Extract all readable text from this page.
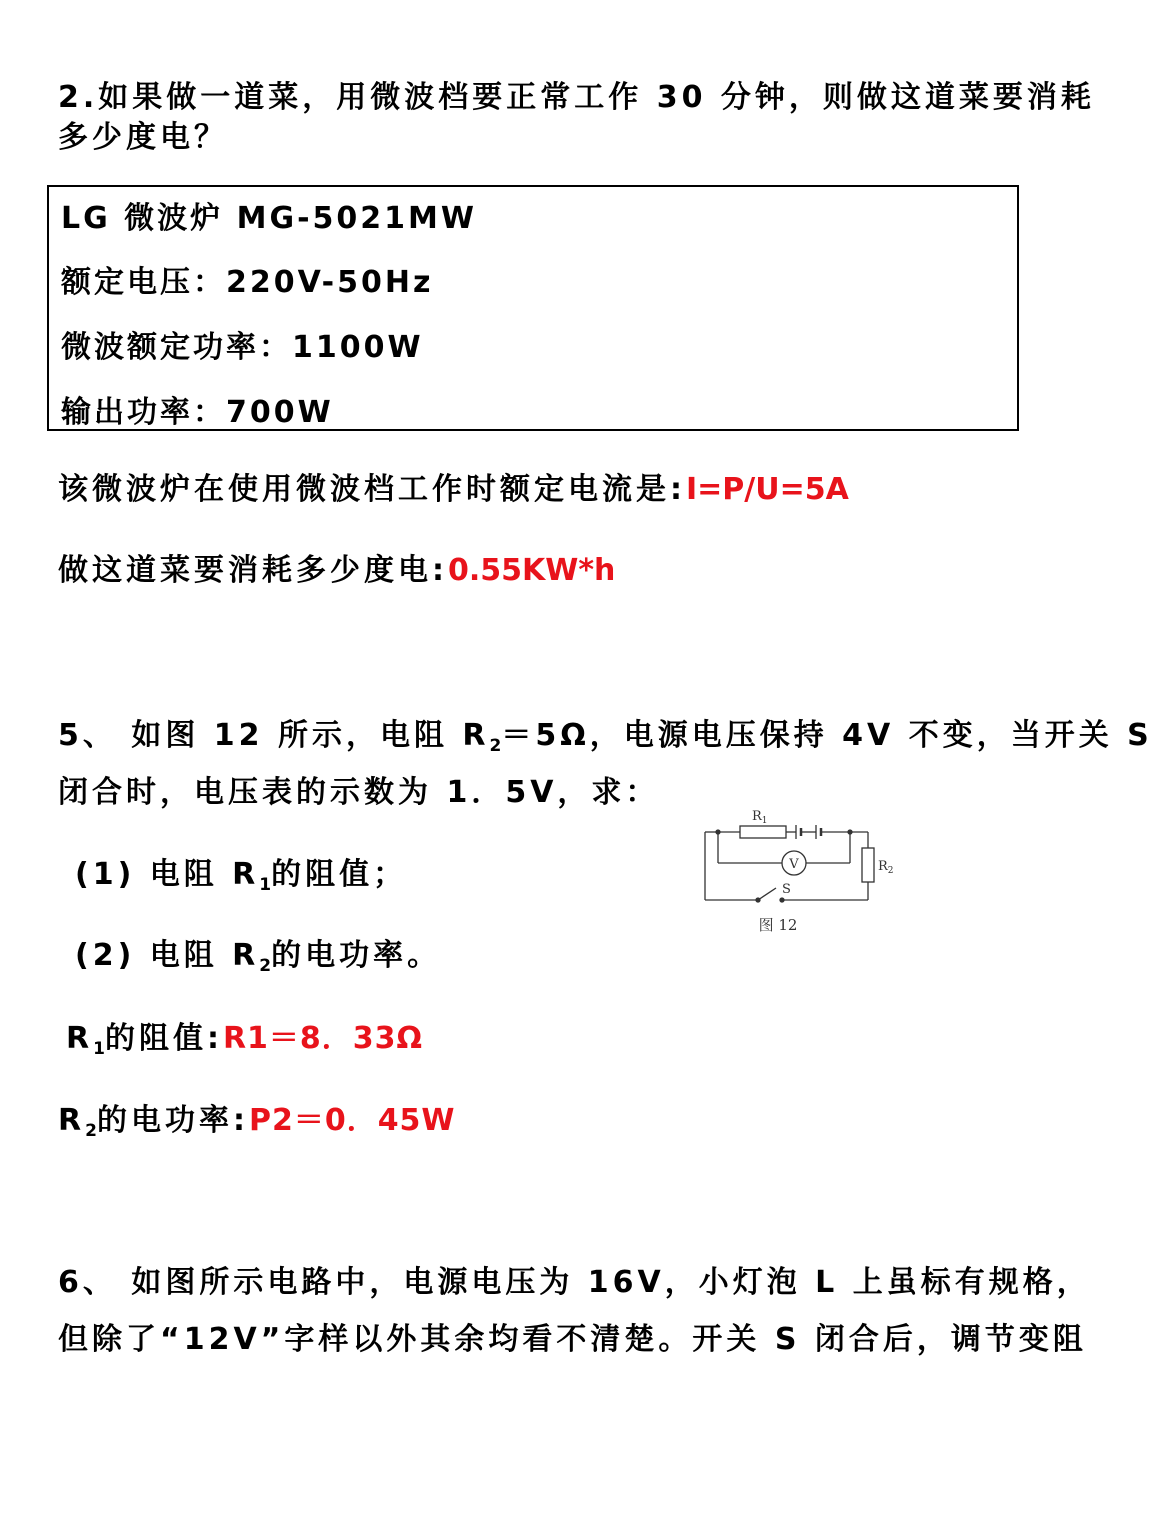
2.如果做一道菜，用微波档要正常工作 30 分钟，则做这道菜要消耗
多少度电？
LG 微波炉 MG-5021MW
额定电压：220V-50Hz
微波额定功率：1100W
输出功率：700W
该微波炉在使用微波档工作时额定电流是:I=P/U=5A
做这道菜要消耗多少度电:0.55KW*h
5、 如图 12 所示，电阻 $R_2=5\Omega$，电源电压保持 4V 不变，当开关 S
闭合时，电压表的示数为 1．5V，求：
(1) 电阻 $R_1$的阻值；
(2) 电阻 $R_2$的电功率。
$R_1$的阻值:R1＝8．33Ω
$R_2$的电功率:P2＝0．45W
$R_1$
$R_2$
V
S
图 12
6、 如图所示电路中，电源电压为 16V，小灯泡 L 上虽标有规格，
但除了“12V”字样以外其余均看不清楚。开关 S 闭合后，调节变阻
